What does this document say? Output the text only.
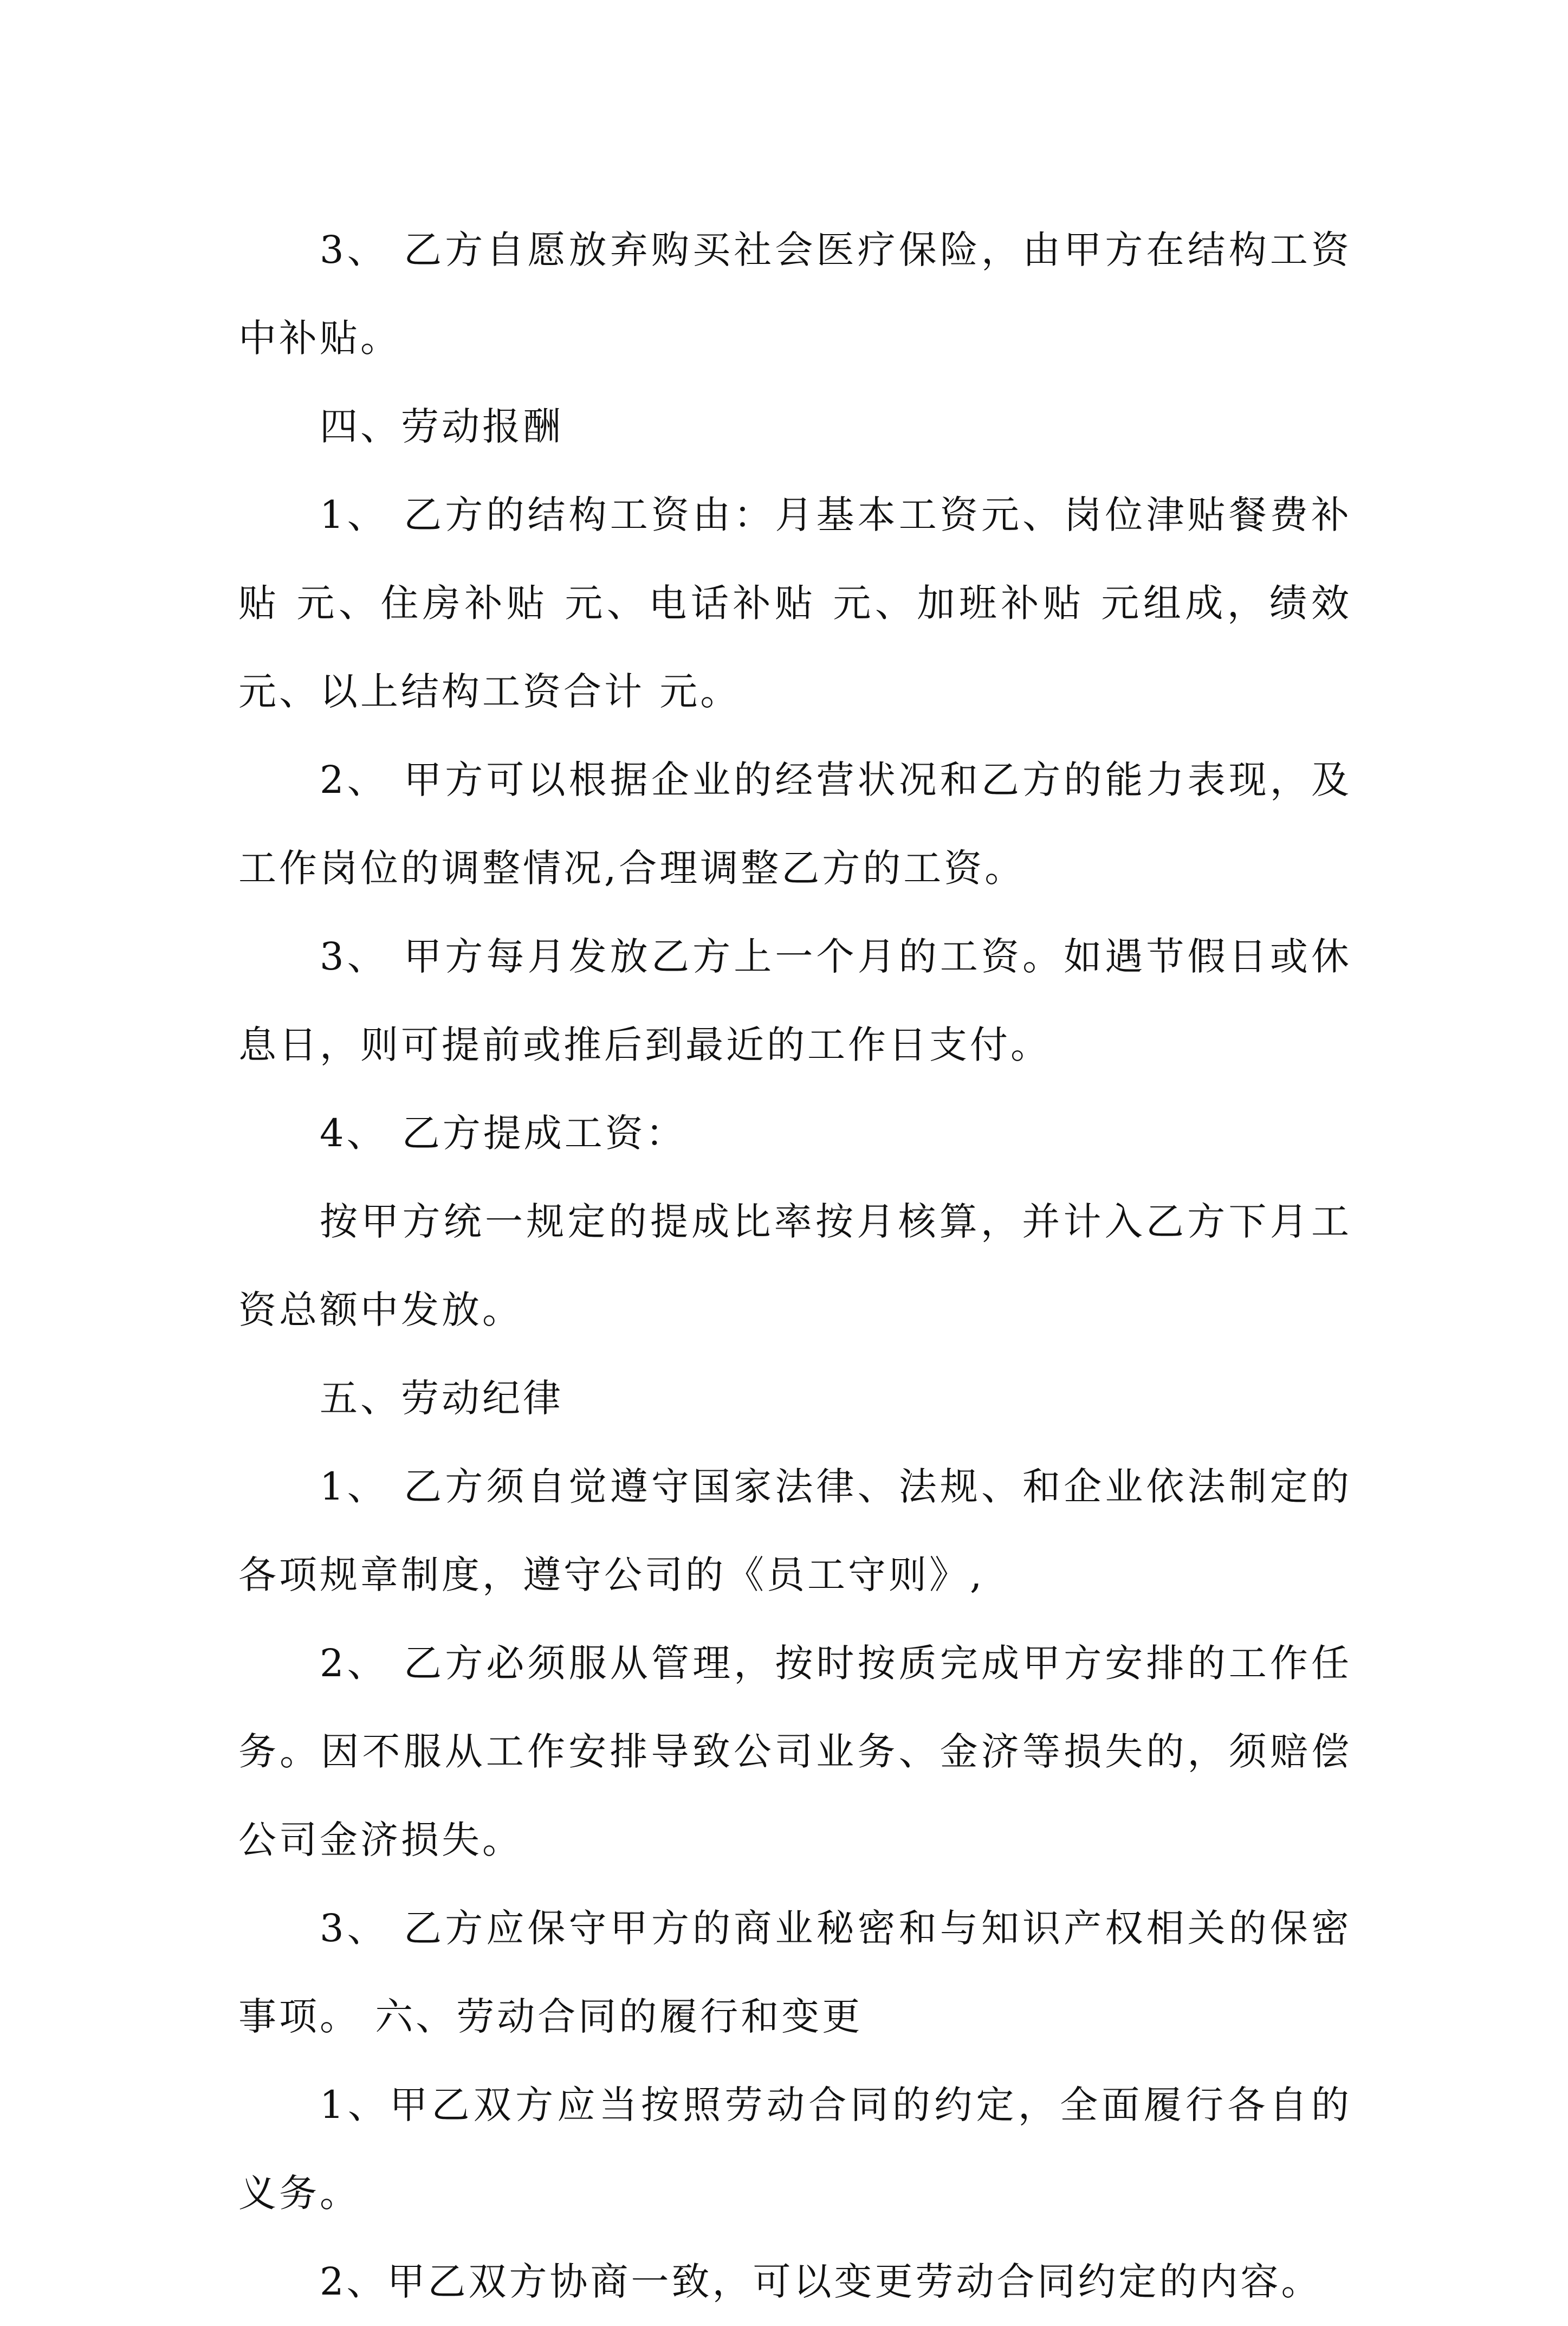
3、 乙方自愿放弃购买社会医疗保险，由甲方在结构工资中补贴。

四、劳动报酬

1、 乙方的结构工资由：月基本工资元、岗位津贴餐费补贴 元、住房补贴 元、电话补贴 元、加班补贴 元组成，绩效 元、以上结构工资合计 元。

2、 甲方可以根据企业的经营状况和乙方的能力表现，及工作岗位的调整情况,合理调整乙方的工资。

3、 甲方每月发放乙方上一个月的工资。如遇节假日或休息日，则可提前或推后到最近的工作日支付。

4、 乙方提成工资：

按甲方统一规定的提成比率按月核算，并计入乙方下月工资总额中发放。

五、劳动纪律

1、 乙方须自觉遵守国家法律、法规、和企业依法制定的各项规章制度，遵守公司的《员工守则》,

2、 乙方必须服从管理，按时按质完成甲方安排的工作任务。因不服从工作安排导致公司业务、金济等损失的，须赔偿公司金济损失。

3、 乙方应保守甲方的商业秘密和与知识产权相关的保密事项。 六、劳动合同的履行和变更

1、甲乙双方应当按照劳动合同的约定，全面履行各自的义务。

2、甲乙双方协商一致，可以变更劳动合同约定的内容。
